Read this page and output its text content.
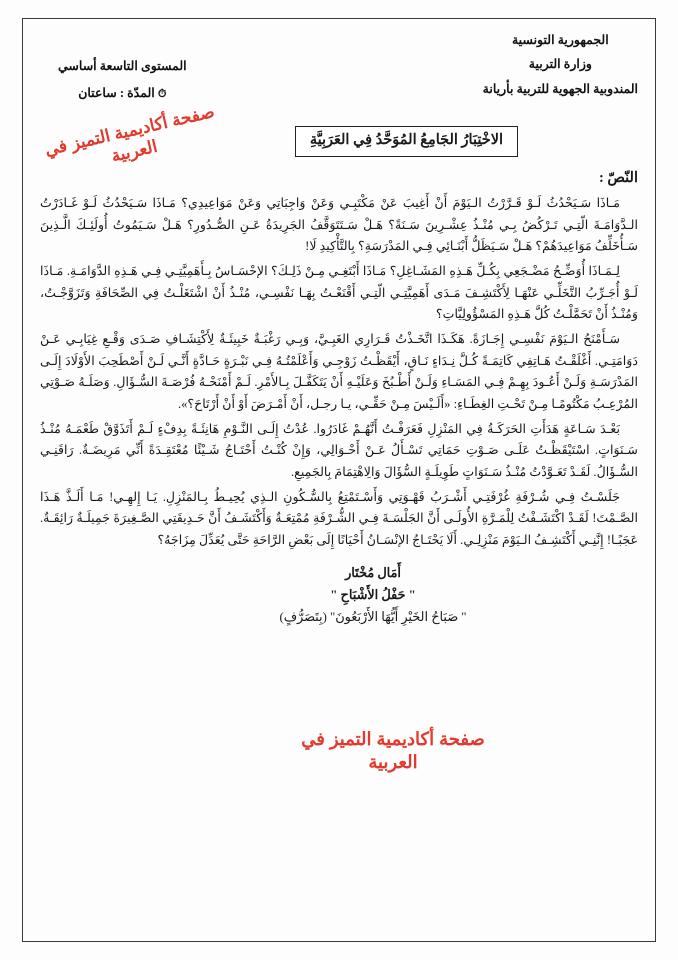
الجمهورية التونسية
وزارة التربية
المندوبية الجهوية للتربية بأريانة
المستوى التاسعة أساسي
⏱ المدّة : ساعتان
الاخْتِبَارُ الجَامِعُ المُوَحَّدُ فِي العَرَبِيَّةِ
النّصّ :

مَـاذَا سَـيَحْدُثُ لَـوْ قَـرَّرْتُ الـيَوْمَ أَنْ أَغِيبَ عَنْ مَكْتَبِـي وَعَنْ وَاجِبَاتِي وَعَنْ مَوَاعِيدِي؟ مَـاذَا سَـيَحْدُثُ لَـوْ غَـادَرْتُ الـدَّوَامَـةَ الّتِـي تَـرْكُضُ بِـي مُنْـذُ عِشْـرِينَ سَـنَةً؟ هَـلْ سَـتَتَوَقَّفُ الجَرِيدَةُ عَـنِ الصُّـدُورِ؟ هَـلْ سَـيَمُوتُ أُولَئِـكَ الَّـذِينَ سَـأُخَلِّفُ مَوَاعِيدَهُمْ؟ هَـلْ سَـيَظَلُّ أَبْنَـائِي فِـي المَدْرَسَةِ؟ بِالتَّأْكِيدِ لَا!

لِـمَـاذَا أُوَضِّـحُ مَضْـجَعِي بِكُـلِّ هَـذِهِ المَشَـاغِلِ؟ مَـاذَا أَبْتَغِـي مِـنْ ذَلِـكَ؟ الإحْسَـاسُ بِـأَهَمِيَّتِـي فِـي هَـذِهِ الدَّوَامَـةِ. مَـاذَا لَـوْ أُجَـرِّبُ التَّخَلِّـي عَنْهَـا لِأَكْتَشِـفَ مَـدَى أَهَمِيَّتِـي الّتِـي أَقْنَعْـتُ بِهَـا نَفْسِـي، مُنْـذُ أَنْ اشْتَغَلْـتُ فِي الصِّحَافَةِ وَتَزَوَّجْـتُ، وَمُنْـذُ أَنْ تَحَمَّلْـتُ كُلَّ هَـذِهِ المَسْؤُولِيَّاتِ؟

سَـأَمْنَحُ الـيَوْمَ نَفْسِـي إِجَـازَةً. هَكَـذَا اتَّخَـذْتُ قَـرَارِي الغَبِـيَّ، وَبِـي رَغْبَـةٌ خَبِيئَـةٌ لِأَكْتِشَـافِ صَـدَى وَقْـعِ غِيَابِـي عَـنْ دَوَامَتِـي. أَغْلَقْـتُ هَـاتِفِي كَاتِمَـةً كُـلَّ نِـدَاءٍ نَـاقٍ، أَيْقَظْـتُ زَوْجِـي وَأَعْلَمْتُـهُ فِـي نَبْـرَةٍ حَـادَّةٍ أَنَّـي لَـنْ أَصْطَحِبَ الأَوْلَادَ إِلَـى المَدْرَسَـةِ وَلَـنْ أَعُـودَ بِهِـمْ فِـي المَسَـاءِ وَلَـنْ أَطْـبُخَ وَعَلَيْـهِ أَنْ يَتَكَفَّـلَ بِـالأَمْرِ. لَـمْ أَمْنَحْـهُ فُرْصَـةَ السُّـؤَالِ. وَصَلَـهُ صَـوْتِي المُرْعِـبُ مَكْتُومًـا مِـنْ تَحْـتِ الغِطَـاءِ: «أَلَـيْسَ مِـنْ حَقِّـي، يـا رجـل، أَنْ أَمْـرَضَ أَوْ أَنْ أَرْتَاحَ؟».

بَعْـدَ سَـاعَةٍ هَدَأَتِ الحَرَكَـةُ فِي المَنْزِلِ فَعَرَفْـتُ أَنَّهُـمْ غَادَرُوا. عُدْتُ إِلَـى النَّـوْمِ هَانِئَـةً بِدِفْءٍ لَـمْ أَتَذَوَّقْ طَعْمَـهُ مُنْـذُ سَـنَوَاتٍ. اسْتَيْقَظْـتُ عَلَـى صَـوْتِ حَمَاتِي تَسْـأَلُ عَـنْ أَحْـوَالِي، وَإِنْ كُنْـتُ أَحْتَـاجُ شَـيْئًا مُعْتَقِـدَةً أَنِّي مَرِيضَـةٌ. رَاقَنِـي السُّـؤَالُ. لَقَـدْ تَعَـوَّدْتُ مُنْـذُ سَـنَوَاتٍ طَوِيلَـةٍ السُّؤَالَ وَالِاهْتِمَامَ بِالجَمِيعِ.

جَلَسْـتُ فِـي شُـرْفَةِ غُرْفَتِـي أَشْـرَبُ قَهْـوَتِي وَأَسْـتَمْتِعُ بِالسُّـكُونِ الـذِي يُحِيـطُ بِـالمَنْزِلِ. يَـا إِلهِـي! مَـا أَلَـذَّ هَـذَا الصَّـمْتَ! لَقَـدْ اكْتَشَـفْتُ لِلْمَـرَّةِ الأُولَـى أَنَّ الجَلْسَـةَ فِـي الشُّـرْفَةِ مُمْتِعَـةٌ وَأَكْتَشَـفُ أَنَّ حَـدِيقَتِي الصَّـغِيرَةَ جَمِيلَـةٌ رَائِقَـةٌ. عَجَبًـا! إِنَّنِـي أَكْتَشِـفُ الـيَوْمَ مَنْزِلِـي. أَلَا يَحْتَـاجُ الإنْسَـانُ أَحْيَانًا إِلَى بَعْضِ الرَّاحَةِ حَتَّى يُعَدِّلَ مِزَاجَهُ؟

أَمَال مُخْتَار
" حَفْلُ الأَشْبَاحِ "
" صَبَاحُ الخَيْرِ أَيُّهَا الأَرْبَعُونَ" (بِتَصَرُّفٍ)
صفحة أكاديمية التميز في العربية
صفحة أكاديمية التميز في العربية
